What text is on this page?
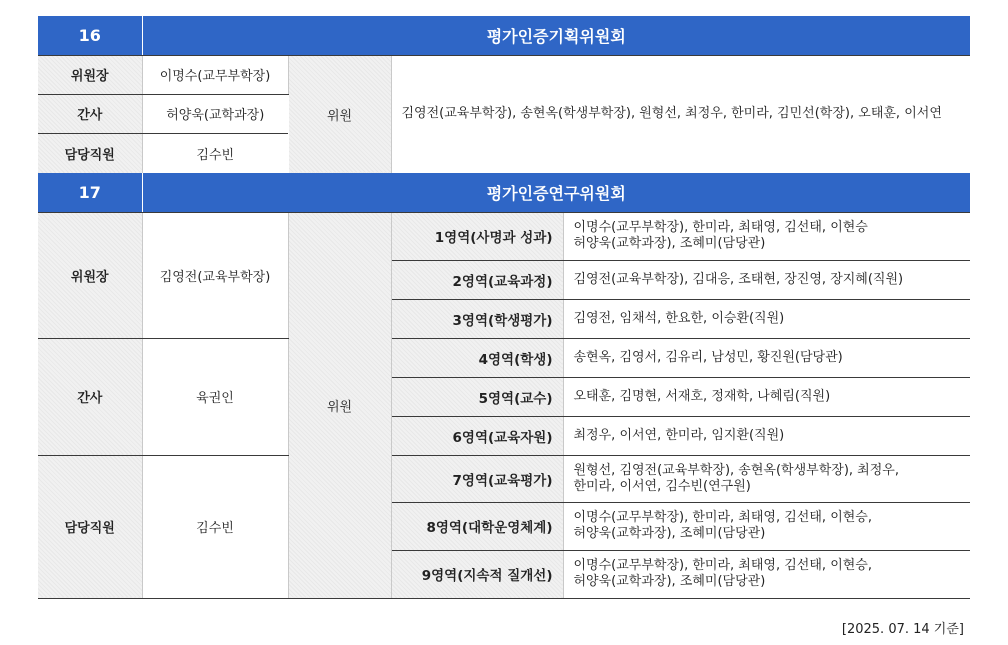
16	평가인증기획위원회		
위원장	이명수(교무부학장)	위원	김영전(교육부학장), 송현옥(학생부학장), 원형선, 최정우, 한미라, 김민선(학장), 오태훈, 이서연
간사	허양욱(교학과장)		
담당직원	김수빈		
17	평가인증연구위원회			
위원장	김영전(교육부학장)	위원	1영역(사명과 성과)	이명수(교무부학장), 한미라, 최태영, 김선태, 이현승
허양욱(교학과장), 조혜미(담당관)

			2영역(교육과정)	김영전(교육부학장), 김대응, 조태현, 장진영, 장지혜(직원)

			3영역(학생평가)	김영전, 임채석, 한요한, 이승환(직원)

간사	육권인		4영역(학생)	송현옥, 김영서, 김유리, 남성민, 황진원(담당관)

			5영역(교수)	오태훈, 김명현, 서재호, 정재학, 나혜림(직원)

			6영역(교육자원)	최정우, 이서연, 한미라, 임지환(직원)

담당직원	김수빈		7영역(교육평가)	원형선, 김영전(교육부학장), 송현옥(학생부학장), 최정우,
한미라, 이서연, 김수빈(연구원)

			8영역(대학운영체계)	이명수(교무부학장), 한미라, 최태영, 김선태, 이현승,
허양욱(교학과장), 조혜미(담당관)

			9영역(지속적 질개선)	이명수(교무부학장), 한미라, 최태영, 김선태, 이현승,
허양욱(교학과장), 조혜미(담당관)
[2025. 07. 14 기준]
